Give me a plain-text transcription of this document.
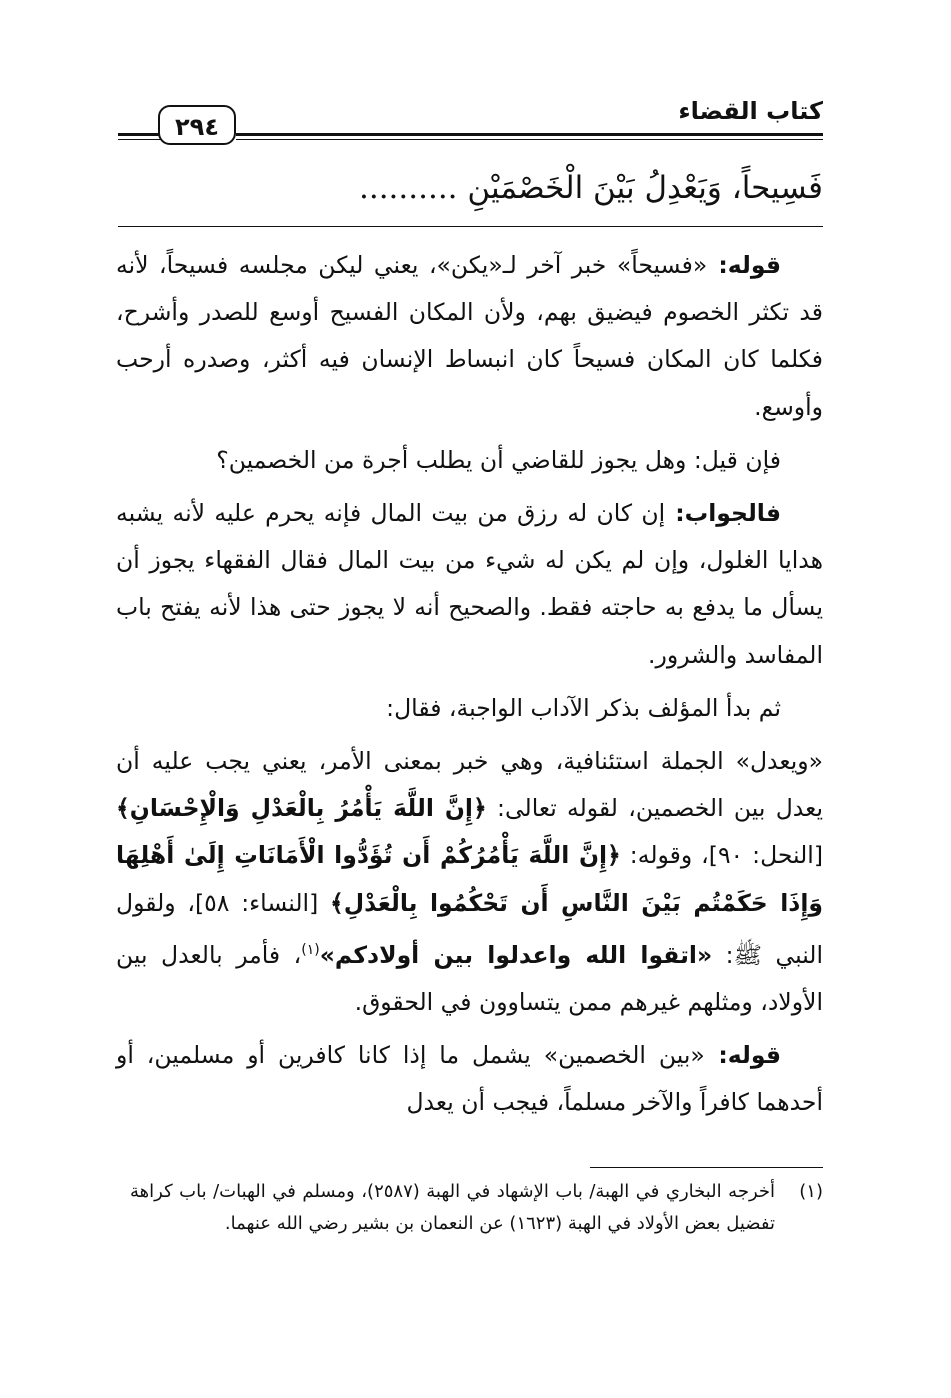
٢٩٤
كتاب القضاء
فَسِيحاً، وَيَعْدِلُ بَيْنَ الْخَصْمَيْنِ ..........

قوله: «فسيحاً» خبر آخر لـ«يكن»، يعني ليكن مجلسه فسيحاً، لأنه قد تكثر الخصوم فيضيق بهم، ولأن المكان الفسيح أوسع للصدر وأشرح، فكلما كان المكان فسيحاً كان انبساط الإنسان فيه أكثر، وصدره أرحب وأوسع.

فإن قيل: وهل يجوز للقاضي أن يطلب أجرة من الخصمين؟

فالجواب: إن كان له رزق من بيت المال فإنه يحرم عليه لأنه يشبه هدايا الغلول، وإن لم يكن له شيء من بيت المال فقال الفقهاء يجوز أن يسأل ما يدفع به حاجته فقط. والصحيح أنه لا يجوز حتى هذا لأنه يفتح باب المفاسد والشرور.

ثم بدأ المؤلف بذكر الآداب الواجبة، فقال:

«ويعدل» الجملة استئنافية، وهي خبر بمعنى الأمر، يعني يجب عليه أن يعدل بين الخصمين، لقوله تعالى: ﴿إِنَّ اللَّهَ يَأْمُرُ بِالْعَدْلِ وَالْإِحْسَانِ﴾ [النحل: ٩٠]، وقوله: ﴿إِنَّ اللَّهَ يَأْمُرُكُمْ أَن تُؤَدُّوا الْأَمَانَاتِ إِلَىٰ أَهْلِهَا وَإِذَا حَكَمْتُم بَيْنَ النَّاسِ أَن تَحْكُمُوا بِالْعَدْلِ﴾ [النساء: ٥٨]، ولقول النبي ﷺ: «اتقوا الله واعدلوا بين أولادكم»$^{(١)}$، فأمر بالعدل بين الأولاد، ومثلهم غيرهم ممن يتساوون في الحقوق.

قوله: «بين الخصمين» يشمل ما إذا كانا كافرين أو مسلمين، أو أحدهما كافراً والآخر مسلماً، فيجب أن يعدل

(١)
أخرجه البخاري في الهبة/ باب الإشهاد في الهبة (٢٥٨٧)، ومسلم في الهبات/ باب كراهة تفضيل بعض الأولاد في الهبة (١٦٢٣) عن النعمان بن بشير رضي الله عنهما.
